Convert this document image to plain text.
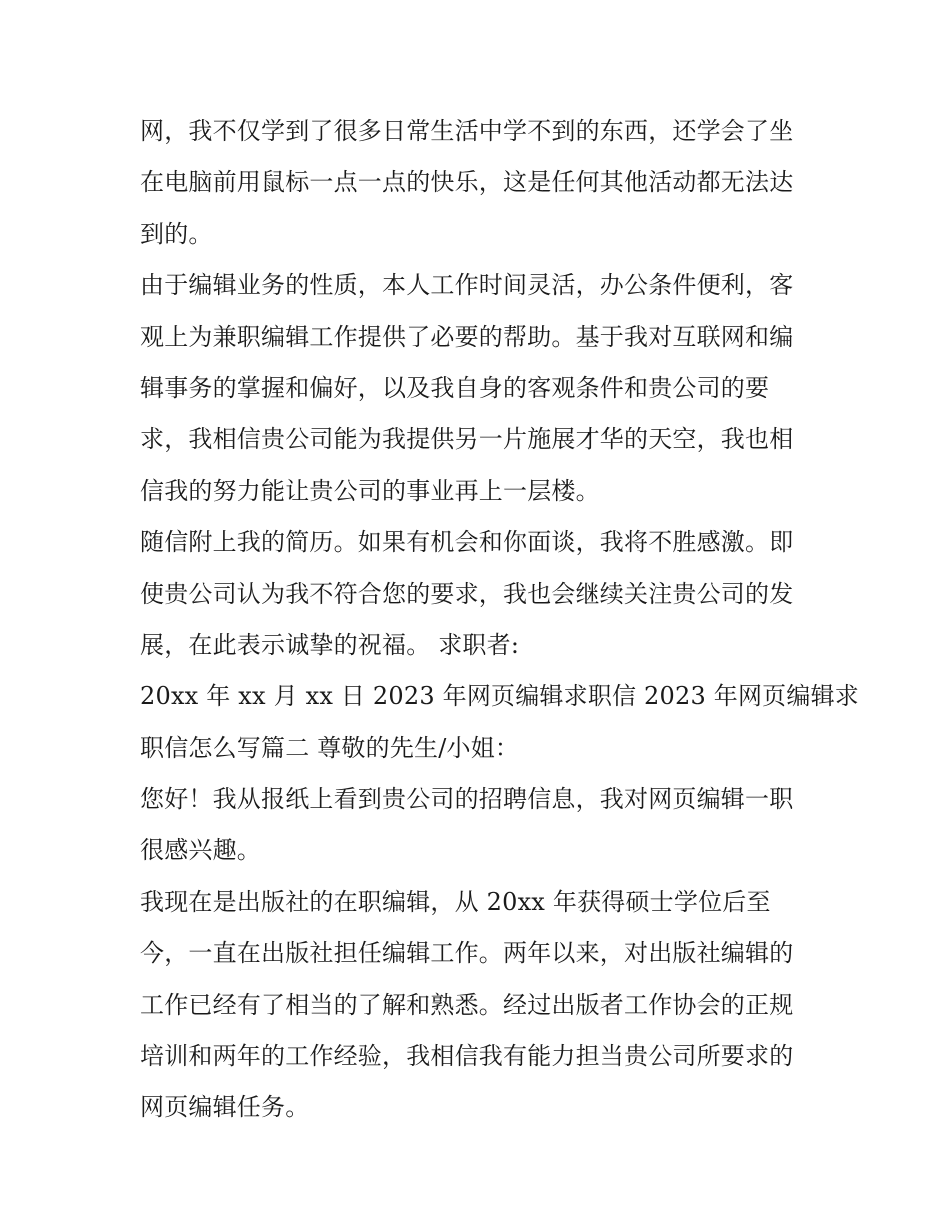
网，我不仅学到了很多日常生活中学不到的东西，还学会了坐
在电脑前用鼠标一点一点的快乐，这是任何其他活动都无法达
到的。
由于编辑业务的性质，本人工作时间灵活，办公条件便利，客
观上为兼职编辑工作提供了必要的帮助。基于我对互联网和编
辑事务的掌握和偏好，以及我自身的客观条件和贵公司的要
求，我相信贵公司能为我提供另一片施展才华的天空，我也相
信我的努力能让贵公司的事业再上一层楼。
随信附上我的简历。如果有机会和你面谈，我将不胜感激。即
使贵公司认为我不符合您的要求，我也会继续关注贵公司的发
展，在此表示诚挚的祝福。 求职者:
20xx 年 xx 月 xx 日 2023 年网页编辑求职信 2023 年网页编辑求
职信怎么写篇二 尊敬的先生/小姐：
您好！我从报纸上看到贵公司的招聘信息，我对网页编辑一职
很感兴趣。
我现在是出版社的在职编辑，从 20xx 年获得硕士学位后至
今，一直在出版社担任编辑工作。两年以来，对出版社编辑的
工作已经有了相当的了解和熟悉。经过出版者工作协会的正规
培训和两年的工作经验，我相信我有能力担当贵公司所要求的
网页编辑任务。
